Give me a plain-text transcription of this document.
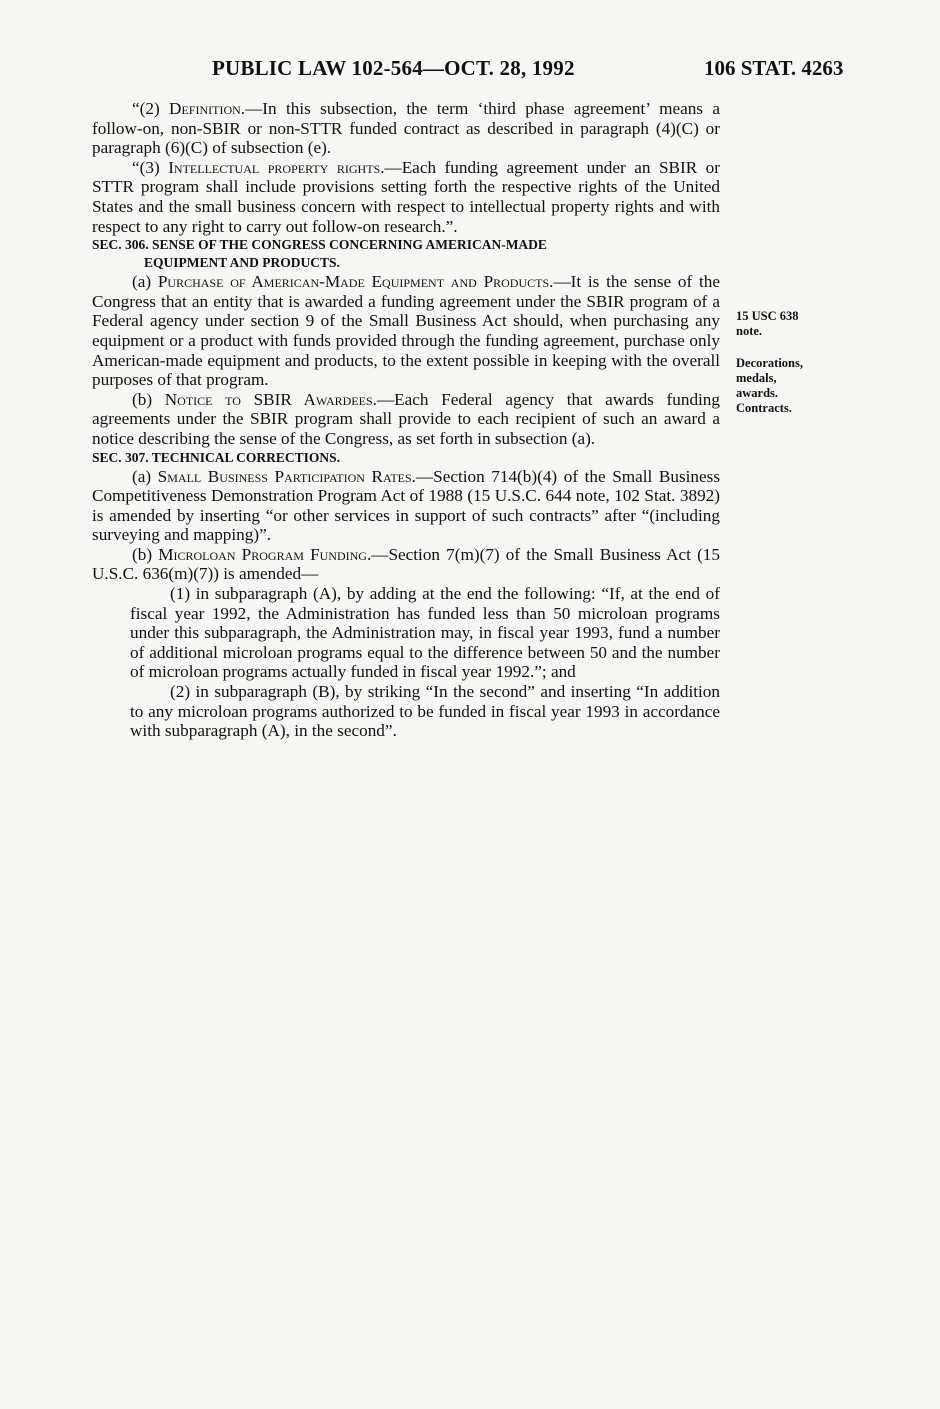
PUBLIC LAW 102-564—OCT. 28, 1992	106 STAT. 4263

“(2) Definition.—In this subsection, the term ‘third phase agreement’ means a follow-on, non-SBIR or non-STTR funded contract as described in paragraph (4)(C) or paragraph (6)(C) of subsection (e).

“(3) Intellectual property rights.—Each funding agreement under an SBIR or STTR program shall include provisions setting forth the respective rights of the United States and the small business concern with respect to intellectual property rights and with respect to any right to carry out follow-on research.”.

SEC. 306. SENSE OF THE CONGRESS CONCERNING AMERICAN-MADE
EQUIPMENT AND PRODUCTS.

(a) Purchase of American-Made Equipment and Products.—It is the sense of the Congress that an entity that is awarded a funding agreement under the SBIR program of a Federal agency under section 9 of the Small Business Act should, when purchasing any equipment or a product with funds provided through the funding agreement, purchase only American-made equipment and products, to the extent possible in keeping with the overall purposes of that program.

(b) Notice to SBIR Awardees.—Each Federal agency that awards funding agreements under the SBIR program shall provide to each recipient of such an award a notice describing the sense of the Congress, as set forth in subsection (a).

SEC. 307. TECHNICAL CORRECTIONS.

(a) Small Business Participation Rates.—Section 714(b)(4) of the Small Business Competitiveness Demonstration Program Act of 1988 (15 U.S.C. 644 note, 102 Stat. 3892) is amended by inserting “or other services in support of such contracts” after “(including surveying and mapping)”.

(b) Microloan Program Funding.—Section 7(m)(7) of the Small Business Act (15 U.S.C. 636(m)(7)) is amended—

(1) in subparagraph (A), by adding at the end the following: “If, at the end of fiscal year 1992, the Administration has funded less than 50 microloan programs under this subparagraph, the Administration may, in fiscal year 1993, fund a number of additional microloan programs equal to the difference between 50 and the number of microloan programs actually funded in fiscal year 1992.”; and

(2) in subparagraph (B), by striking “In the second” and inserting “In addition to any microloan programs authorized to be funded in fiscal year 1993 in accordance with subparagraph (A), in the second”.

15 USC 638
note.
Decorations,
medals,
awards.
Contracts.
